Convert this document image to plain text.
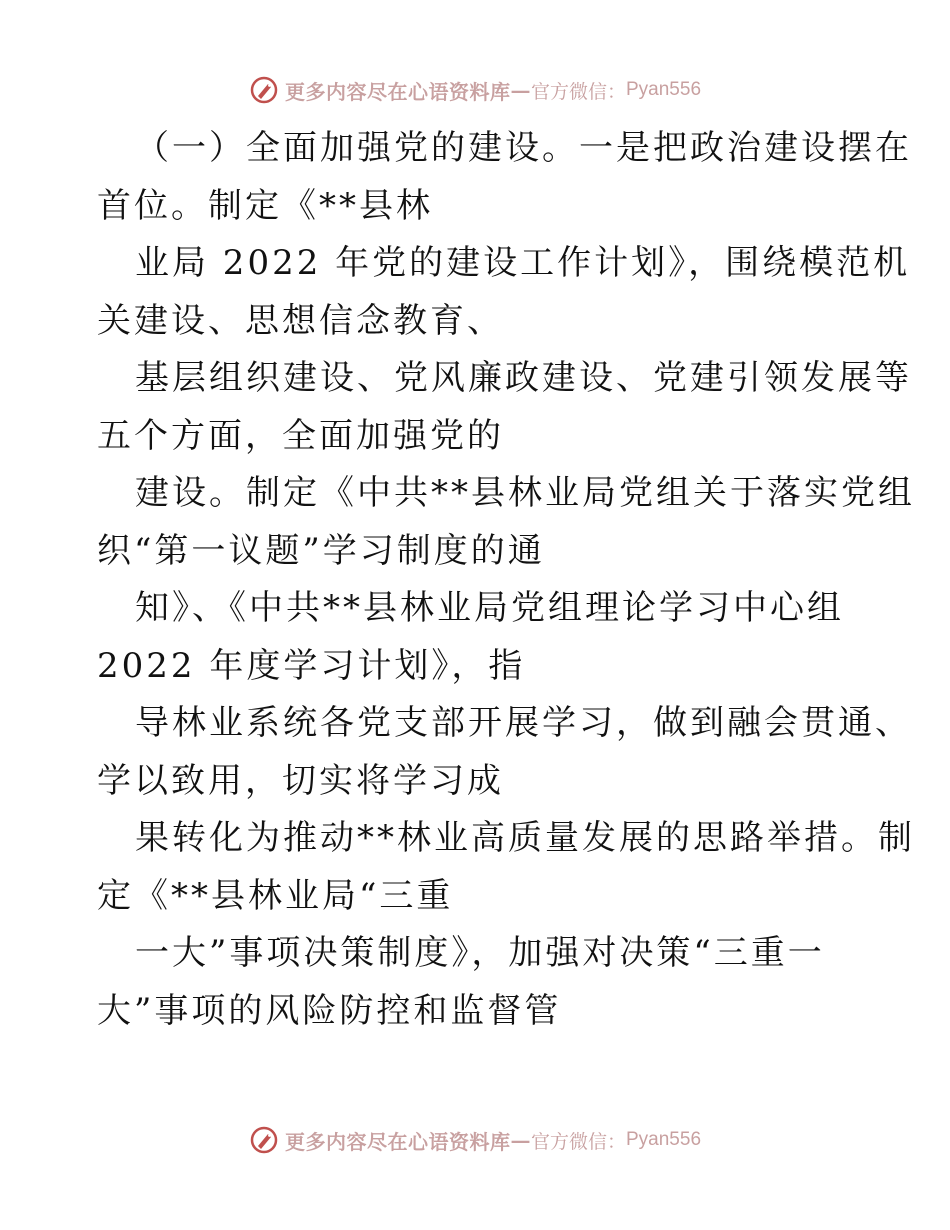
更多内容尽在心语资料库 — 官方微信： Pyan556
（一）全面加强党的建设。一是把政治建设摆在
首位。制定《**县林
业局 2022 年党的建设工作计划》，围绕模范机
关建设、思想信念教育、
基层组织建设、党风廉政建设、党建引领发展等
五个方面，全面加强党的
建设。制定《中共**县林业局党组关于落实党组
织“第一议题”学习制度的通
知》、《中共**县林业局党组理论学习中心组
2022 年度学习计划》，指
导林业系统各党支部开展学习，做到融会贯通、
学以致用，切实将学习成
果转化为推动**林业高质量发展的思路举措。制
定《**县林业局“三重
一大”事项决策制度》，加强对决策“三重一
大”事项的风险防控和监督管
更多内容尽在心语资料库 — 官方微信： Pyan556
